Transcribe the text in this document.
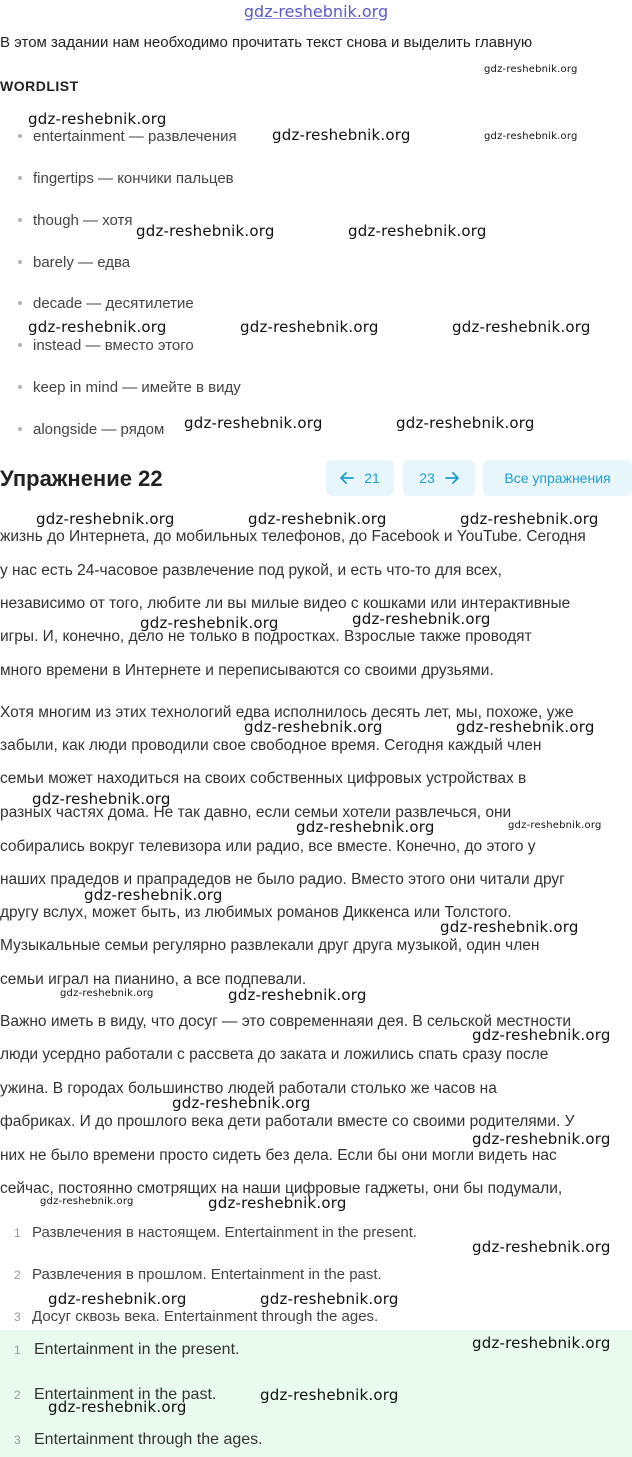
gdz-reshebnik.org
В этом задании нам необходимо прочитать текст снова и выделить главную
WORDLIST
entertainment — развлечения
fingertips — кончики пальцев
though — хотя
barely — едва
decade — десятилетие
instead — вместо этого
keep in mind — имейте в виду
alongside — рядом
Упражнение 22	21	23	Все упражнения
жизнь до Интернета, до мобильных телефонов, до Facebook и YouTube. Сегодня
у нас есть 24-часовое развлечение под рукой, и есть что-то для всех,
независимо от того, любите ли вы милые видео с кошками или интерактивные
игры. И, конечно, дело не только в подростках. Взрослые также проводят
много времени в Интернете и переписываются со своими друзьями.
Хотя многим из этих технологий едва исполнилось десять лет, мы, похоже, уже
забыли, как люди проводили свое свободное время. Сегодня каждый член
семьи может находиться на своих собственных цифровых устройствах в
разных частях дома. Не так давно, если семьи хотели развлечься, они
собирались вокруг телевизора или радио, все вместе. Конечно, до этого у
наших прадедов и прапрадедов не было радио. Вместо этого они читали друг
другу вслух, может быть, из любимых романов Диккенса или Толстого.
Музыкальные семьи регулярно развлекали друг друга музыкой, один член
семьи играл на пианино, а все подпевали.
Важно иметь в виду, что досуг — это современнаяи дея. В сельской местности
люди усердно работали с рассвета до заката и ложились спать сразу после
ужина. В городах большинство людей работали столько же часов на
фабриках. И до прошлого века дети работали вместе со своими родителями. У
них не было времени просто сидеть без дела. Если бы они могли видеть нас
сейчас, постоянно смотрящих на наши цифровые гаджеты, они бы подумали,
1 Развлечения в настоящем. Entertainment in the present.
2 Развлечения в прошлом. Entertainment in the past.
3 Досуг сквозь века. Entertainment through the ages.
1 Entertainment in the present.
2 Entertainment in the past.
3 Entertainment through the ages.
gdz-reshebnik.org
gdz-reshebnik.org
gdz-reshebnik.org	gdz-reshebnik.org
gdz-reshebnik.org	gdz-reshebnik.org
gdz-reshebnik.org	gdz-reshebnik.org	gdz-reshebnik.org
gdz-reshebnik.org	gdz-reshebnik.org
gdz-reshebnik.org	gdz-reshebnik.org	gdz-reshebnik.org
gdz-reshebnik.org	gdz-reshebnik.org
gdz-reshebnik.org	gdz-reshebnik.org
gdz-reshebnik.org
gdz-reshebnik.org	gdz-reshebnik.org
gdz-reshebnik.org
gdz-reshebnik.org
gdz-reshebnik.org	gdz-reshebnik.org
gdz-reshebnik.org
gdz-reshebnik.org
gdz-reshebnik.org
gdz-reshebnik.org	gdz-reshebnik.org
gdz-reshebnik.org
gdz-reshebnik.org	gdz-reshebnik.org
gdz-reshebnik.org
gdz-reshebnik.org
gdz-reshebnik.org
